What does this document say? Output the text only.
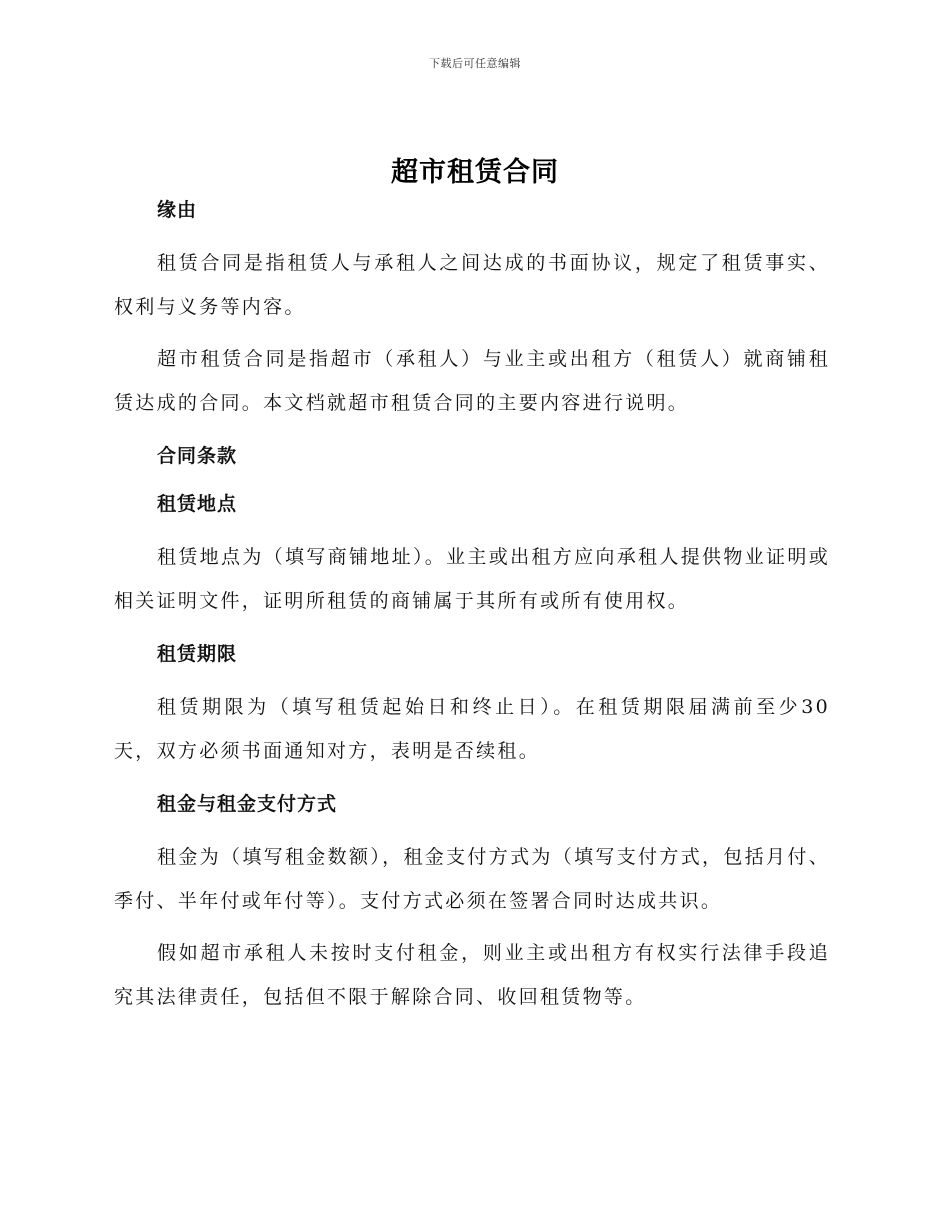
下载后可任意编辑
超市租赁合同
缘由

租赁合同是指租赁人与承租人之间达成的书面协议，规定了租赁事实、权利与义务等内容。

超市租赁合同是指超市（承租人）与业主或出租方（租赁人）就商铺租赁达成的合同。本文档就超市租赁合同的主要内容进行说明。

合同条款
租赁地点

租赁地点为（填写商铺地址）。业主或出租方应向承租人提供物业证明或相关证明文件，证明所租赁的商铺属于其所有或所有使用权。

租赁期限

租赁期限为（填写租赁起始日和终止日）。在租赁期限届满前至少30天，双方必须书面通知对方，表明是否续租。

租金与租金支付方式

租金为（填写租金数额），租金支付方式为（填写支付方式，包括月付、季付、半年付或年付等）。支付方式必须在签署合同时达成共识。

假如超市承租人未按时支付租金，则业主或出租方有权实行法律手段追究其法律责任，包括但不限于解除合同、收回租赁物等。
